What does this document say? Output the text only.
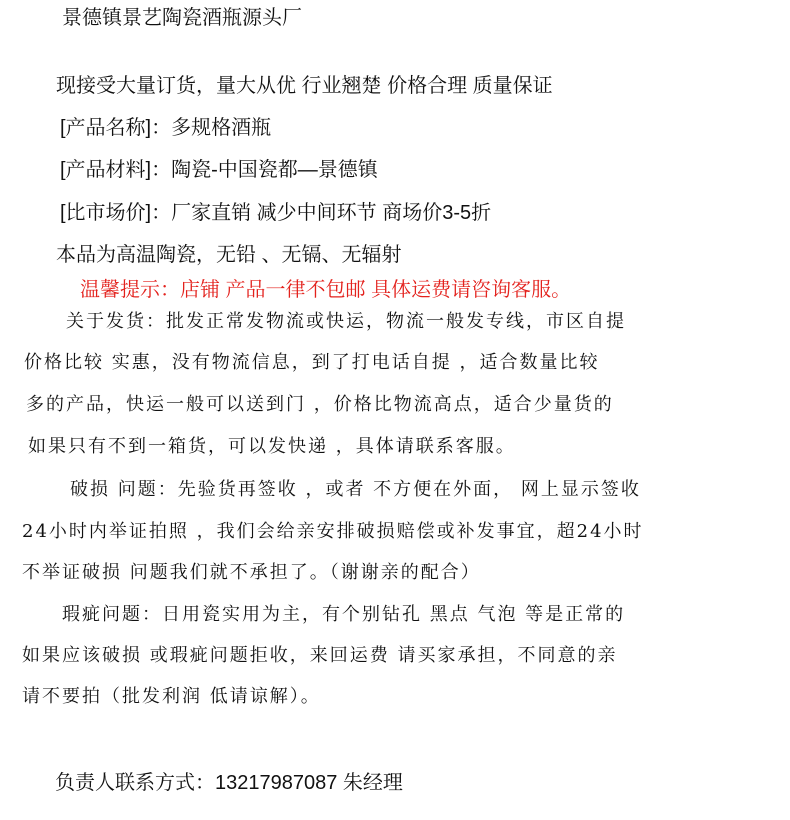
景德镇景艺陶瓷酒瓶源头厂
现接受大量订货，量大从优 行业翘楚 价格合理 质量保证
[产品名称]：多规格酒瓶
[产品材料]：陶瓷-中国瓷都—景德镇
[比市场价]：厂家直销 减少中间环节 商场价3-5折
本品为高温陶瓷，无铅 、无镉、无辐射
温馨提示：店铺 产品一律不包邮 具体运费请咨询客服。
关于发货：批发正常发物流或快运，物流一般发专线，市区自提
价格比较 实惠，没有物流信息，到了打电话自提 ，适合数量比较
多的产品，快运一般可以送到门 ，价格比物流高点，适合少量货的
如果只有不到一箱货，可以发快递 ，具体请联系客服。
破损 问题：先验货再签收 ，或者 不方便在外面， 网上显示签收
24小时内举证拍照 ，我们会给亲安排破损赔偿或补发事宜，超24小时
不举证破损 问题我们就不承担了。（谢谢亲的配合）
瑕疵问题：日用瓷实用为主，有个别钻孔 黑点 气泡 等是正常的
如果应该破损 或瑕疵问题拒收，来回运费 请买家承担，不同意的亲
请不要拍（批发利润 低请谅解）。
负责人联系方式：13217987087 朱经理
